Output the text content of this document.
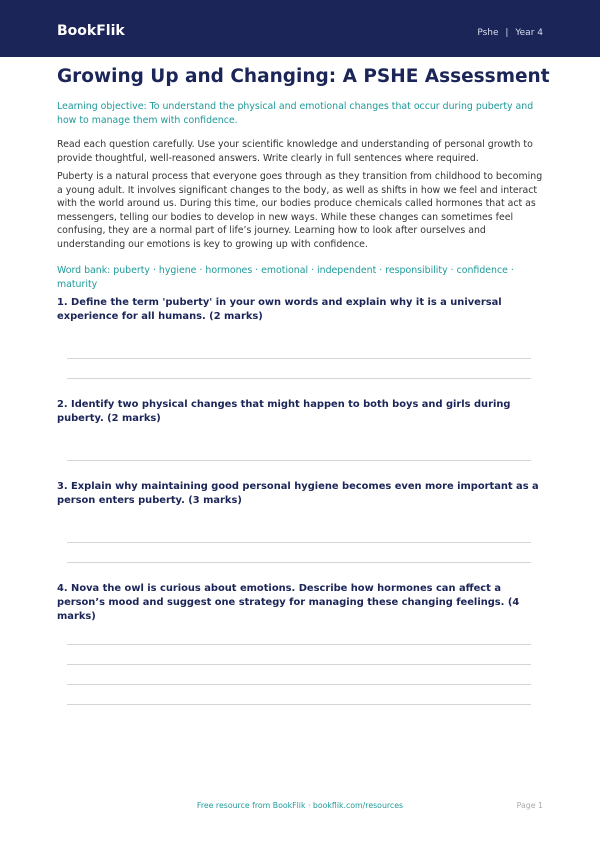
BookFlik	Pshe | Year 4
Growing Up and Changing: A PSHE Assessment
Learning objective: To understand the physical and emotional changes that occur during puberty and how to manage them with confidence.
Read each question carefully. Use your scientific knowledge and understanding of personal growth to provide thoughtful, well-reasoned answers. Write clearly in full sentences where required.
Puberty is a natural process that everyone goes through as they transition from childhood to becoming a young adult. It involves significant changes to the body, as well as shifts in how we feel and interact with the world around us. During this time, our bodies produce chemicals called hormones that act as messengers, telling our bodies to develop in new ways. While these changes can sometimes feel confusing, they are a normal part of life’s journey. Learning how to look after ourselves and understanding our emotions is key to growing up with confidence.
Word bank: puberty · hygiene · hormones · emotional · independent · responsibility · confidence · maturity
1. Define the term 'puberty' in your own words and explain why it is a universal experience for all humans. (2 marks)
2. Identify two physical changes that might happen to both boys and girls during puberty. (2 marks)
3. Explain why maintaining good personal hygiene becomes even more important as a person enters puberty. (3 marks)
4. Nova the owl is curious about emotions. Describe how hormones can affect a person’s mood and suggest one strategy for managing these changing feelings. (4 marks)
Free resource from BookFlik · bookflik.com/resources	Page 1
